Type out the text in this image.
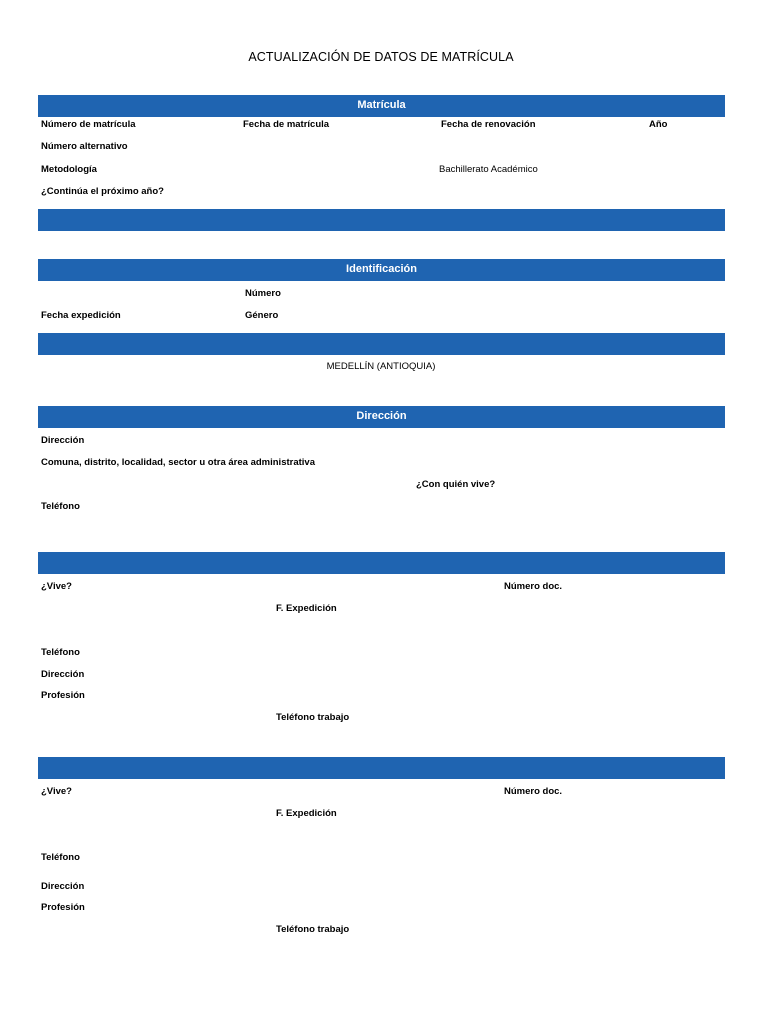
ACTUALIZACIÓN DE DATOS DE MATRÍCULA
Matrícula
Número de matrícula	Fecha de matrícula	Fecha de renovación	Año
Número alternativo
Metodología	Bachillerato Académico
¿Continúa el próximo año?
Identificación
Número
Fecha expedición	Género
MEDELLÍN (ANTIOQUIA)
Dirección
Dirección
Comuna, distrito, localidad, sector u otra área administrativa
¿Con quién vive?
Teléfono
¿Vive?	Número doc.
F. Expedición
Teléfono
Dirección
Profesión
Teléfono trabajo
¿Vive?	Número doc.
F. Expedición
Teléfono
Dirección
Profesión
Teléfono trabajo
